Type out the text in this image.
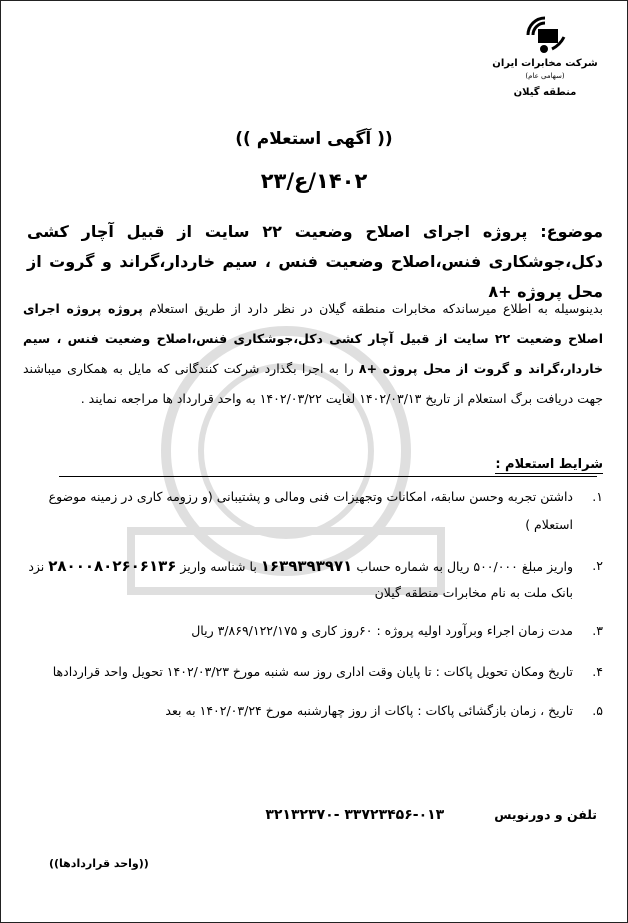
شرکت مخابرات ایران
(سهامی عام)
منطقه گیلان
(( آگهی استعلام ))
۱۴۰۲/ع/۲۳
موضوع: پروژه اجرای اصلاح وضعیت ۲۲ سایت از قبیل آچار کشی دکل،جوشکاری فنس،اصلاح وضعیت فنس ، سیم خاردار،گراند و گروت از محل پروژه +۸
بدینوسیله به اطلاع میرساندکه مخابرات منطقه گیلان در نظر دارد از طریق استعلام پروژه پروژه اجرای اصلاح وضعیت ۲۲ سایت از قبیل آچار کشی دکل،جوشکاری فنس،اصلاح وضعیت فنس ، سیم خاردار،گراند و گروت از محل پروژه +۸ را به اجرا بگذارد شرکت کنندگانی که مایل به همکاری میباشند جهت دریافت برگ استعلام از تاریخ ۱۴۰۲/۰۳/۱۳ لغایت ۱۴۰۲/۰۳/۲۲ به واحد قرارداد ها مراجعه نمایند .
شرایط استعلام :
۱.
داشتن تجربه وحسن سابقه، امکانات وتجهیزات فنی ومالی و پشتیبانی (و رزومه کاری در زمینه موضوع استعلام )
۲.
واریز مبلغ ۵۰۰/۰۰۰ ریال به شماره حساب ۱۶۳۹۳۹۳۹۷۱ با شناسه واریز ۲۸۰۰۰۸۰۲۶۰۶۱۳۶ نزد بانک ملت به نام مخابرات منطقه گیلان
۳.
مدت زمان اجراء وبرآورد اولیه پروژه : ۶۰روز کاری و ۳/۸۶۹/۱۲۲/۱۷۵ ریال
۴.
تاریخ ومکان تحویل پاکات : تا پایان وقت اداری روز سه شنبه مورخ ۱۴۰۲/۰۳/۲۳ تحویل واحد قراردادها
۵.
تاریخ ، زمان بازگشائی پاکات : پاکات از روز چهارشنبه مورخ ۱۴۰۲/۰۳/۲۴ به بعد
تلفن و دورنویس۰۱۳-۳۳۷۲۳۴۵۶ -۳۲۱۳۲۳۷۰
((واحد قراردادها))
